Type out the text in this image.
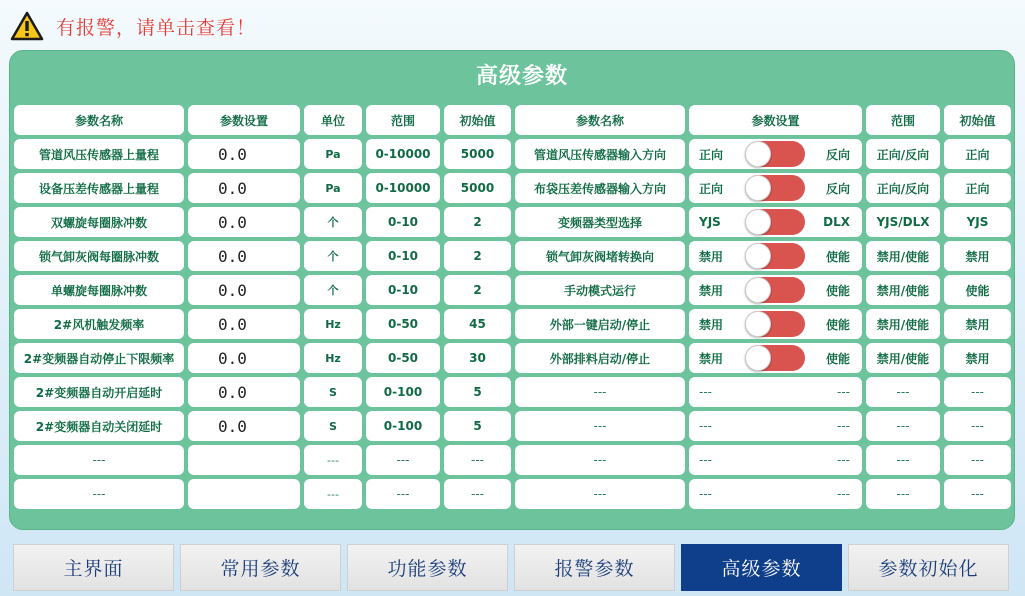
有报警，请单击查看！
高级参数
参数名称	参数设置	单位	范围	初始值	参数名称	参数设置	范围	初始值
管道风压传感器上量程	0.0	Pa	0-10000	5000	管道风压传感器输入方向	正向	反向	正向/反向	正向
设备压差传感器上量程	0.0	Pa	0-10000	5000	布袋压差传感器输入方向	正向	反向	正向/反向	正向
双螺旋每圈脉冲数	0.0	个	0-10	2	变频器类型选择	YJS	DLX	YJS/DLX	YJS
锁气卸灰阀每圈脉冲数	0.0	个	0-10	2	锁气卸灰阀堵转换向	禁用	使能	禁用/使能	禁用
单螺旋每圈脉冲数	0.0	个	0-10	2	手动模式运行	禁用	使能	禁用/使能	使能
2#风机触发频率	0.0	Hz	0-50	45	外部一键启动/停止	禁用	使能	禁用/使能	禁用
2#变频器自动停止下限频率	0.0	Hz	0-50	30	外部排料启动/停止	禁用	使能	禁用/使能	禁用
2#变频器自动开启延时	0.0	S	0-100	5	---	---	---	---	---
2#变频器自动关闭延时	0.0	S	0-100	5	---	---	---	---	---
---	---	---	---	---	---	---	---	---
---	---	---	---	---	---	---	---	---
主界面	常用参数	功能参数	报警参数	高级参数	参数初始化
